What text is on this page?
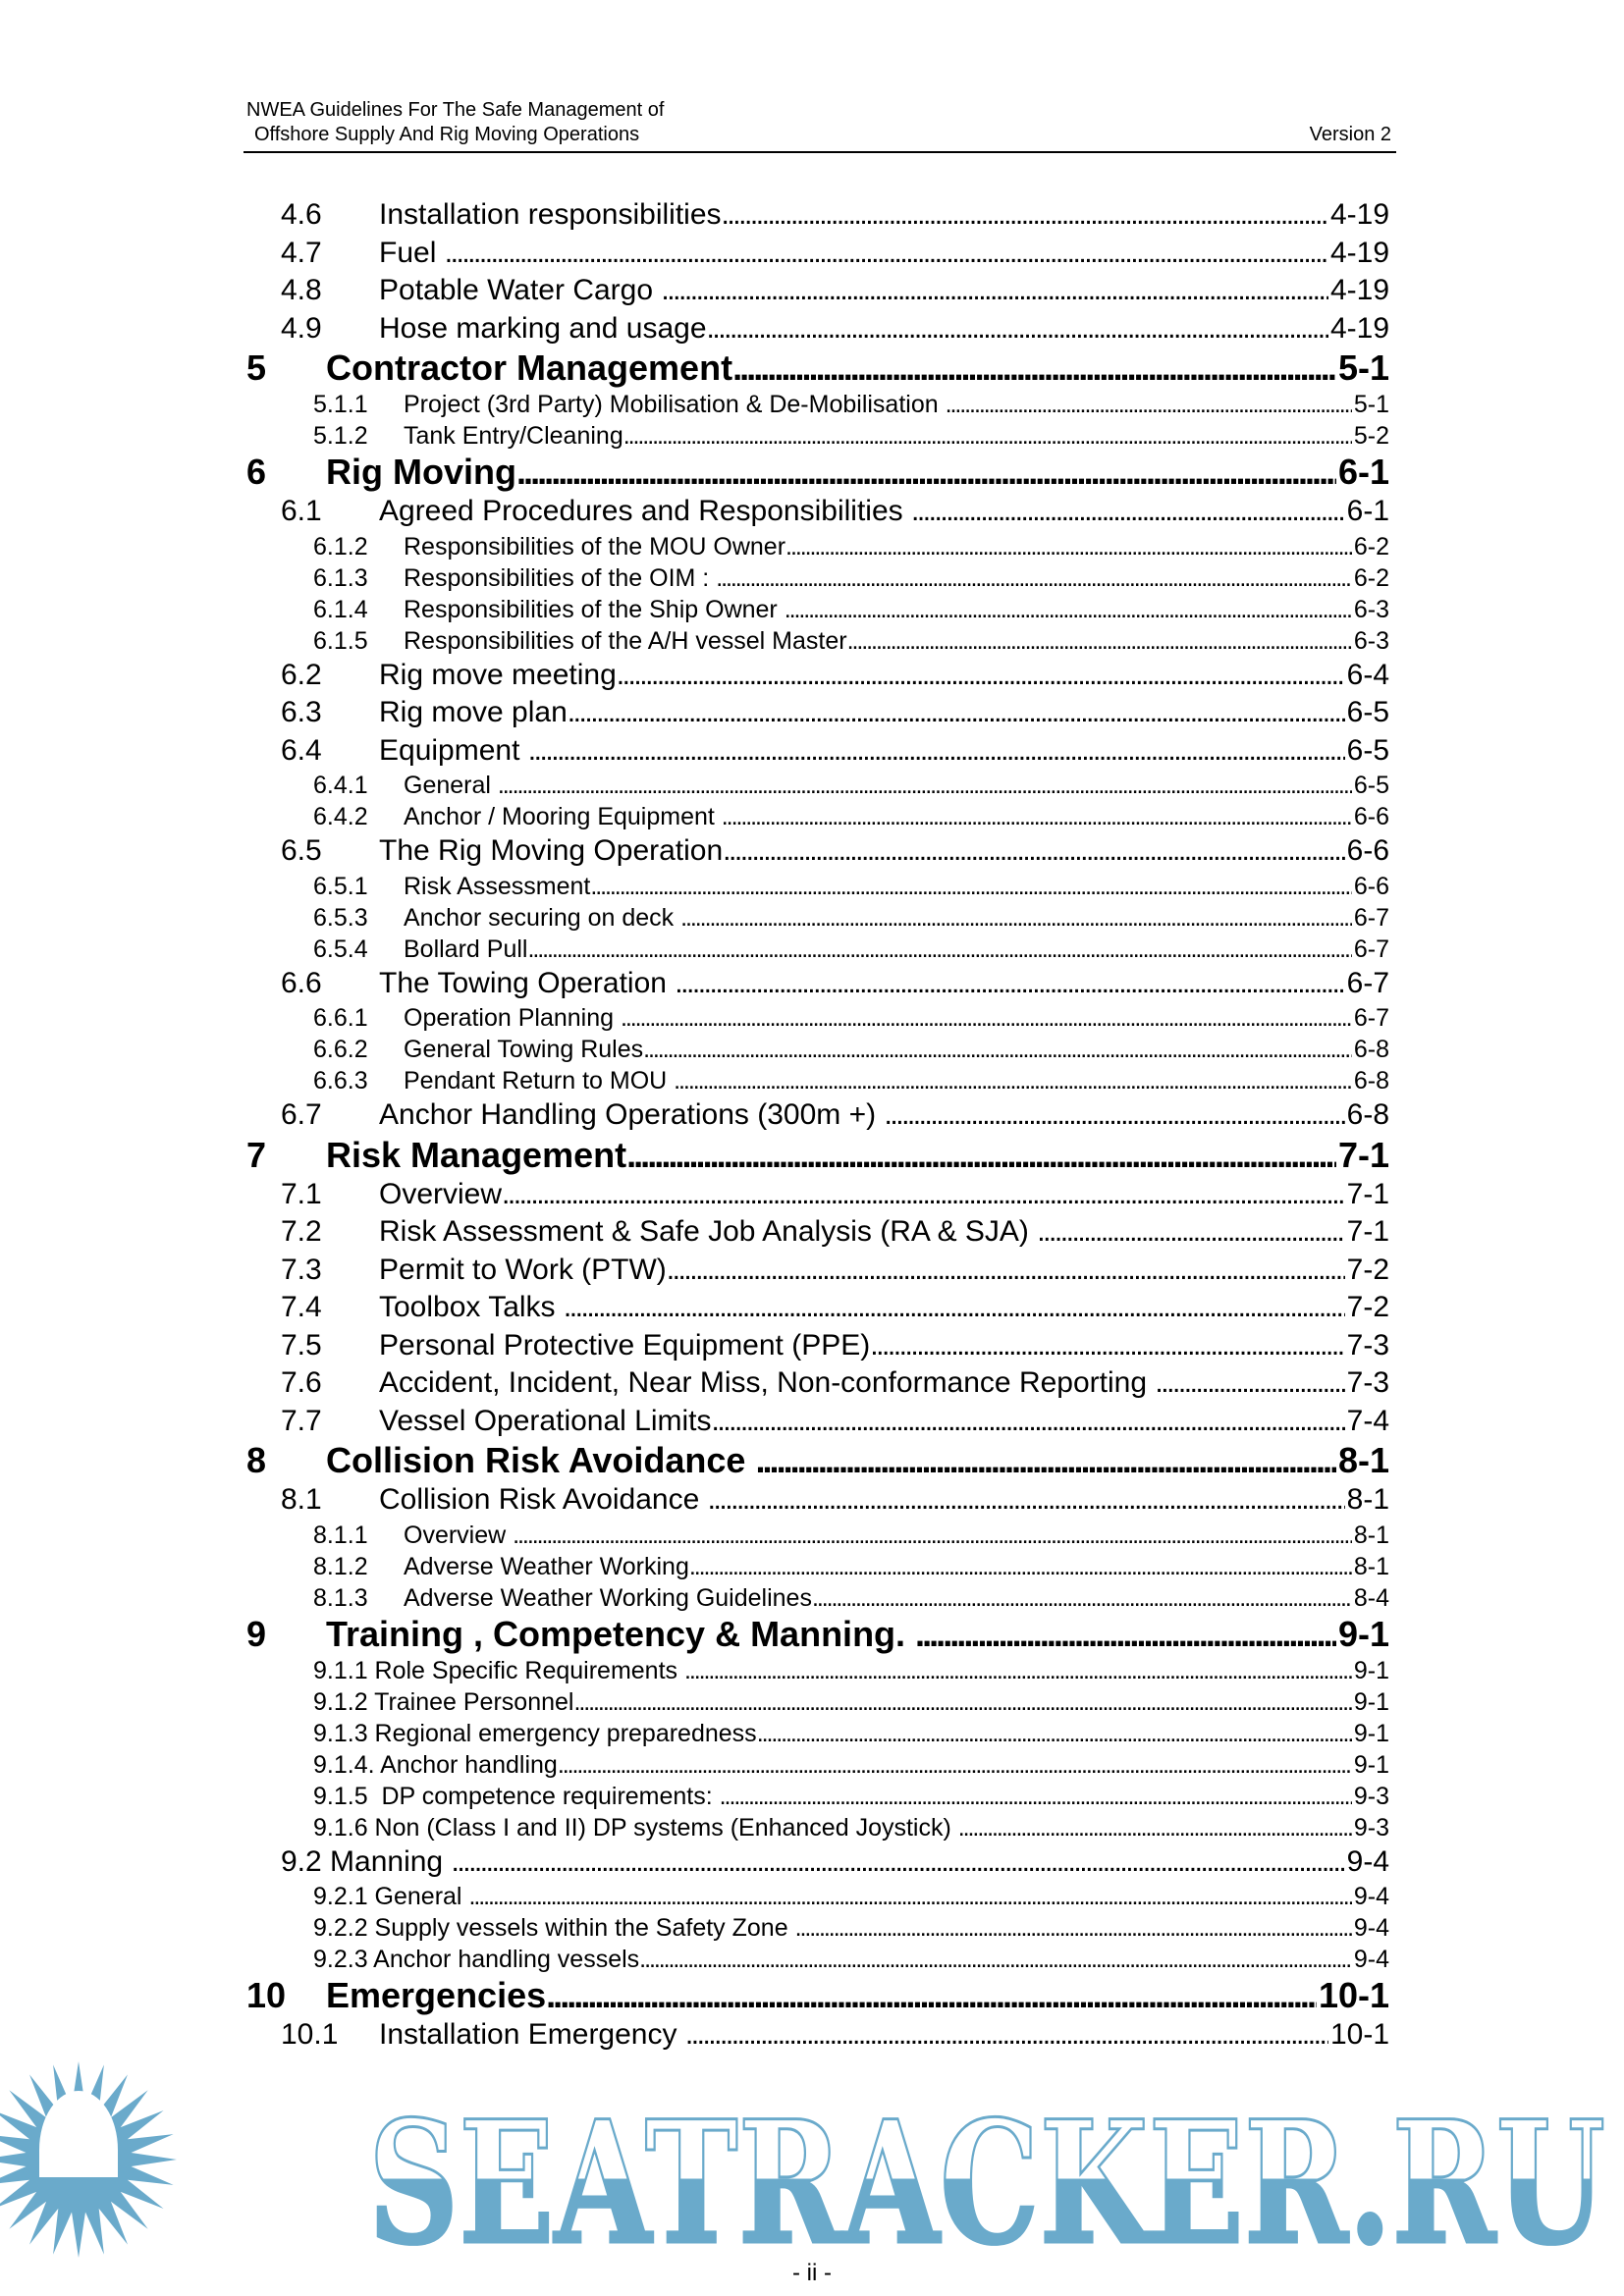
NWEA Guidelines For The Safe Management of
Offshore Supply And Rig Moving Operations	Version 2
4.6	Installation responsibilities . . .	4-19
4.7	Fuel . . .	4-19
4.8	Potable Water Cargo . . .	4-19
4.9	Hose marking and usage . . .	4-19
5	Contractor Management . . .	5-1
5.1.1	Project (3rd Party) Mobilisation & De-Mobilisation . . .	5-1
5.1.2	Tank Entry/Cleaning . . .	5-2
6	Rig Moving . . .	6-1
6.1	Agreed Procedures and Responsibilities . . .	6-1
6.1.2	Responsibilities of the MOU Owner . . .	6-2
6.1.3	Responsibilities of the OIM : . . .	6-2
6.1.4	Responsibilities of the Ship Owner . . .	6-3
6.1.5	Responsibilities of the A/H vessel Master . . .	6-3
6.2	Rig move meeting . . .	6-4
6.3	Rig move plan . . .	6-5
6.4	Equipment . . .	6-5
6.4.1	General . . .	6-5
6.4.2	Anchor / Mooring Equipment . . .	6-6
6.5	The Rig Moving Operation . . .	6-6
6.5.1	Risk Assessment . . .	6-6
6.5.3	Anchor securing on deck . . .	6-7
6.5.4	Bollard Pull . . .	6-7
6.6	The Towing Operation . . .	6-7
6.6.1	Operation Planning . . .	6-7
6.6.2	General Towing Rules . . .	6-8
6.6.3	Pendant Return to MOU . . .	6-8
6.7	Anchor Handling Operations (300m +) . . .	6-8
7	Risk Management . . .	7-1
7.1	Overview . . .	7-1
7.2	Risk Assessment & Safe Job Analysis (RA & SJA) . . .	7-1
7.3	Permit to Work (PTW) . . .	7-2
7.4	Toolbox Talks . . .	7-2
7.5	Personal Protective Equipment (PPE) . . .	7-3
7.6	Accident, Incident, Near Miss, Non-conformance Reporting . . .	7-3
7.7	Vessel Operational Limits . . .	7-4
8	Collision Risk Avoidance . . .	8-1
8.1	Collision Risk Avoidance . . .	8-1
8.1.1	Overview . . .	8-1
8.1.2	Adverse Weather Working . . .	8-1
8.1.3	Adverse Weather Working Guidelines . . .	8-4
9	Training , Competency & Manning. . . .	9-1
9.1.1 Role Specific Requirements . . .	9-1
9.1.2 Trainee Personnel . . .	9-1
9.1.3 Regional emergency preparedness . . .	9-1
9.1.4. Anchor handling . . .	9-1
9.1.5  DP competence requirements: . . .	9-3
9.1.6 Non (Class I and II) DP systems (Enhanced Joystick) . . .	9-3
9.2 Manning . . .	9-4
9.2.1 General . . .	9-4
9.2.2 Supply vessels within the Safety Zone . . .	9-4
9.2.3 Anchor handling vessels . . .	9-4
10	Emergencies . . .	10-1
10.1	Installation Emergency . . .	10-1
SEATRACKER.RU
- ii -
